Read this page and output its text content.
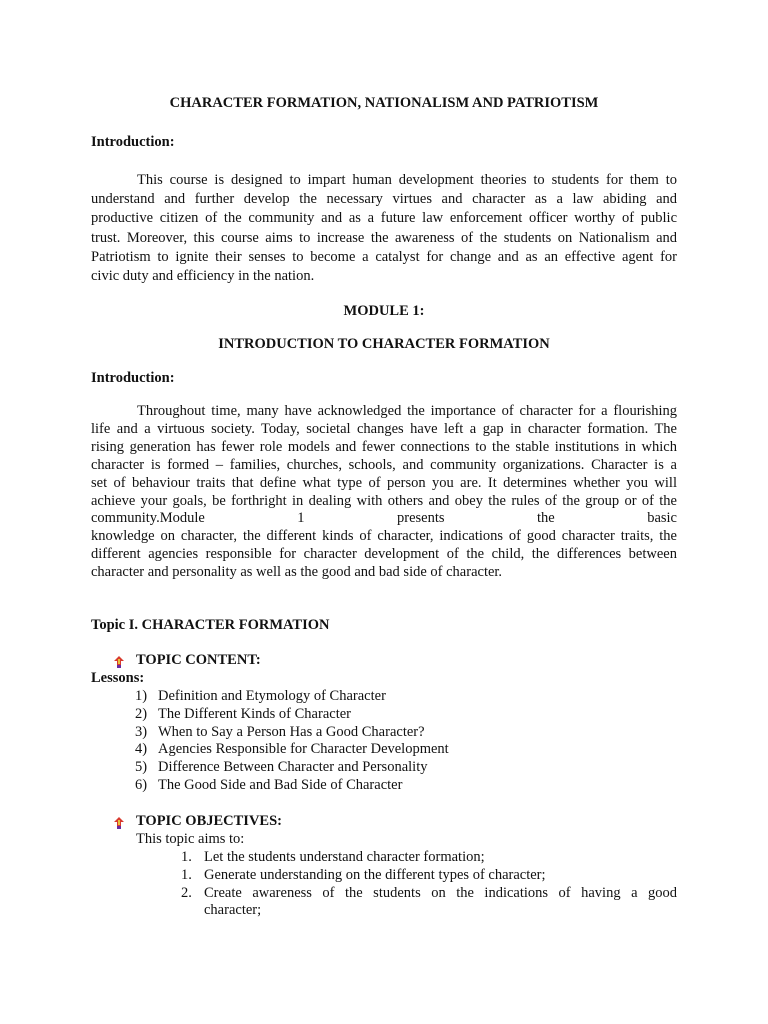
CHARACTER FORMATION, NATIONALISM AND PATRIOTISM
Introduction:
This course is designed to impart human development theories to students for them to
understand and further develop the necessary virtues and character as a law abiding and
productive citizen of the community and as a future law enforcement officer worthy of public
trust. Moreover, this course aims to increase the awareness of the students on Nationalism and
Patriotism to ignite their senses to become a catalyst for change and as an effective agent for
civic duty and efficiency in the nation.
MODULE 1:
INTRODUCTION TO CHARACTER FORMATION
Introduction:
Throughout time, many have acknowledged the importance of character for a flourishing
life and a virtuous society. Today, societal changes have left a gap in character formation. The
rising generation has fewer role models and fewer connections to the stable institutions in which
character is formed – families, churches, schools, and community organizations. Character is a
set of behaviour traits that define what type of person you are. It determines whether you will
achieve your goals, be forthright in dealing with others and obey the rules of the group or of the
community.Module 1 presents the basic
knowledge on character, the different kinds of character, indications of good character traits, the
different agencies responsible for character development of the child, the differences between
character and personality as well as the good and bad side of character.
Topic I. CHARACTER FORMATION
TOPIC CONTENT:
Lessons:
1) Definition and Etymology of Character
2) The Different Kinds of Character
3) When to Say a Person Has a Good Character?
4) Agencies Responsible for Character Development
5) Difference Between Character and Personality
6) The Good Side and Bad Side of Character
TOPIC OBJECTIVES:
This topic aims to:
1. Let the students understand character formation;
1. Generate understanding on the different types of character;
2. Create awareness of the students on the indications of having a good
character;
